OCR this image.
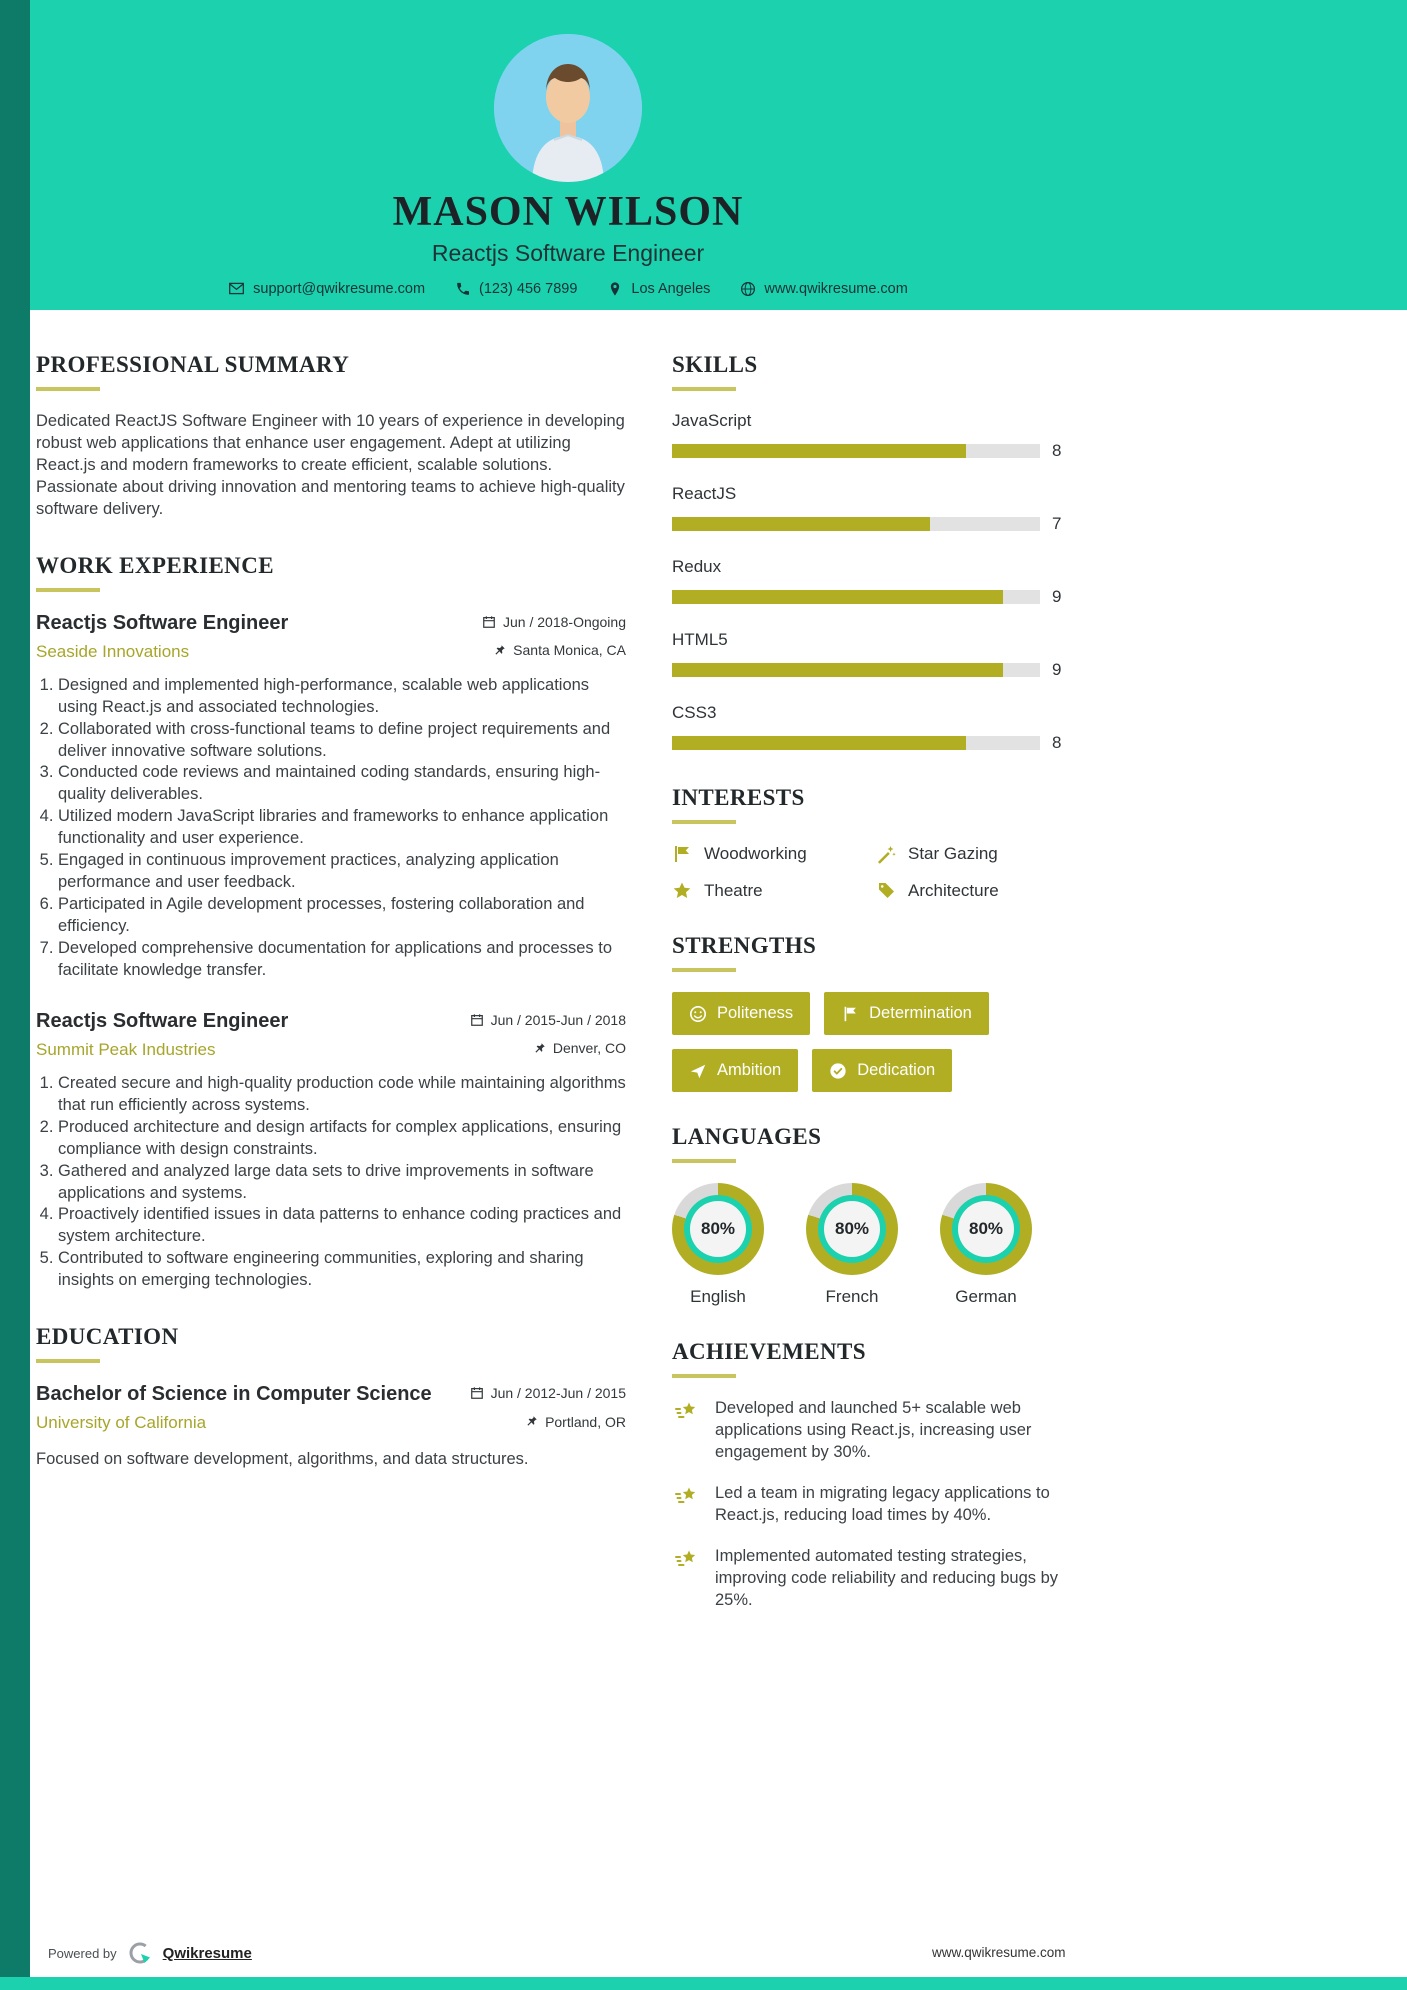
MASON WILSON
Reactjs Software Engineer
support@qwikresume.com	(123) 456 7899	Los Angeles	www.qwikresume.com
PROFESSIONAL SUMMARY

Dedicated ReactJS Software Engineer with 10 years of experience in developing robust web applications that enhance user engagement. Adept at utilizing React.js and modern frameworks to create efficient, scalable solutions. Passionate about driving innovation and mentoring teams to achieve high-quality software delivery.

WORK EXPERIENCE
Reactjs Software Engineer	Jun / 2018-Ongoing
Seaside Innovations	Santa Monica, CA
1. Designed and implemented high-performance, scalable web applications using React.js and associated technologies.
2. Collaborated with cross-functional teams to define project requirements and deliver innovative software solutions.
3. Conducted code reviews and maintained coding standards, ensuring high-quality deliverables.
4. Utilized modern JavaScript libraries and frameworks to enhance application functionality and user experience.
5. Engaged in continuous improvement practices, analyzing application performance and user feedback.
6. Participated in Agile development processes, fostering collaboration and efficiency.
7. Developed comprehensive documentation for applications and processes to facilitate knowledge transfer.
Reactjs Software Engineer	Jun / 2015-Jun / 2018
Summit Peak Industries	Denver, CO
1. Created secure and high-quality production code while maintaining algorithms that run efficiently across systems.
2. Produced architecture and design artifacts for complex applications, ensuring compliance with design constraints.
3. Gathered and analyzed large data sets to drive improvements in software applications and systems.
4. Proactively identified issues in data patterns to enhance coding practices and system architecture.
5. Contributed to software engineering communities, exploring and sharing insights on emerging technologies.
EDUCATION
Bachelor of Science in Computer Science	Jun / 2012-Jun / 2015
University of California	Portland, OR

Focused on software development, algorithms, and data structures.

SKILLS
JavaScript
8
ReactJS
7
Redux
9
HTML5
9
CSS3
8
INTERESTS
Woodworking	Star Gazing
Theatre	Architecture
STRENGTHS
Politeness	Determination
Ambition	Dedication
LANGUAGES
80%
English
80%
French
80%
German
ACHIEVEMENTS
Developed and launched 5+ scalable web applications using React.js, increasing user engagement by 30%.
Led a team in migrating legacy applications to React.js, reducing load times by 40%.
Implemented automated testing strategies, improving code reliability and reducing bugs by 25%.
Powered by	Qwikresume	www.qwikresume.com
